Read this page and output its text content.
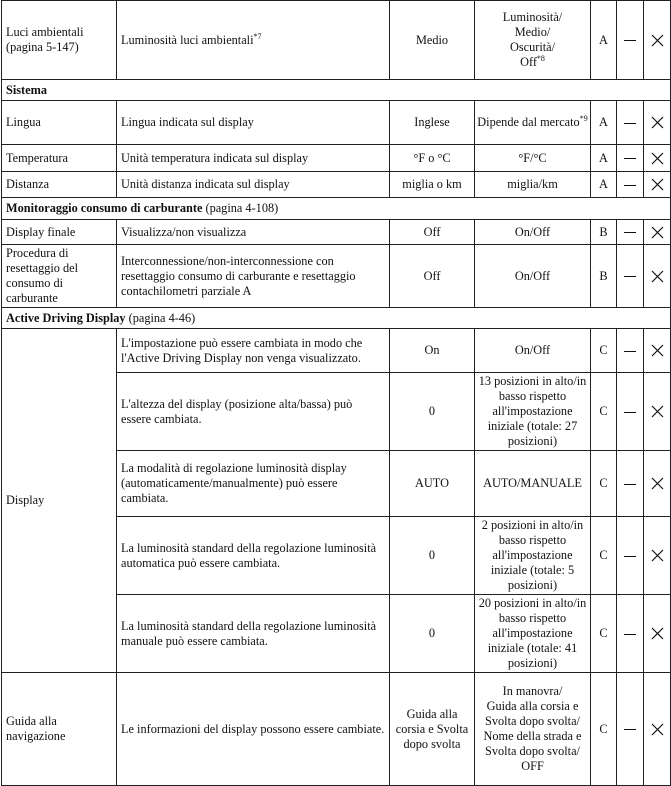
Luci ambientali (pagina 5-147)	Luminosità luci ambientali$^{*7}$	Medio	Luminosità/
Medio/
Oscurità/
Off$^{*8}$	A		

Sistema						
Lingua	Lingua indicata sul display	Inglese	Dipende dal mercato$^{*9}$	A		

Temperatura	Unità temperatura indicata sul display	°F o °C	°F/°C	A		

Distanza	Unità distanza indicata sul display	miglia o km	miglia/km	A		

Monitoraggio consumo di carburante (pagina 4-108)						
Display finale	Visualizza/non visualizza	Off	On/Off	B		

Procedura di resettaggio del consumo di carburante	Interconnessione/non-interconnessione con resettaggio consumo di carburante e resettaggio contachilometri parziale A	Off	On/Off	B		

Active Driving Display (pagina 4-46)						
Display	L'impostazione può essere cambiata in modo che l'Active Driving Display non venga visualizzato.	On	On/Off	C		

	L'altezza del display (posizione alta/bassa) può essere cambiata.	0	13 posizioni in alto/in basso rispetto all'impostazione iniziale (totale: 27 posizioni)	C		

	La modalità di regolazione luminosità display (automaticamente/manualmente) può essere cambiata.	AUTO	AUTO/MANUALE	C		

	La luminosità standard della regolazione luminosità automatica può essere cambiata.	0	2 posizioni in alto/in basso rispetto all'impostazione iniziale (totale: 5 posizioni)	C		

	La luminosità standard della regolazione luminosità manuale può essere cambiata.	0	20 posizioni in alto/in basso rispetto all'impostazione iniziale (totale: 41 posizioni)	C		

Guida alla navigazione	Le informazioni del display possono essere cambiate.	Guida alla corsia e Svolta dopo svolta	In manovra/
Guida alla corsia e Svolta dopo svolta/
Nome della strada e Svolta dopo svolta/
OFF	C		
